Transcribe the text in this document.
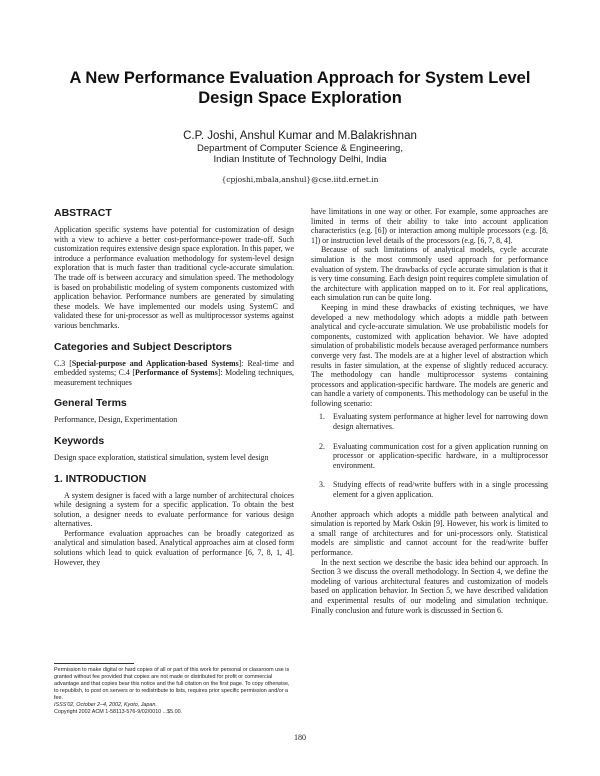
A New Performance Evaluation Approach for System Level Design Space Exploration
C.P. Joshi, Anshul Kumar and M.Balakrishnan
Department of Computer Science & Engineering,
Indian Institute of Technology Delhi, India
{cpjoshi,mbala,anshul}@cse.iitd.ernet.in
ABSTRACT

Application specific systems have potential for customization of design with a view to achieve a better cost-performance-power trade-off. Such customization requires extensive design space exploration. In this paper, we introduce a performance evaluation methodology for system-level design exploration that is much faster than traditional cycle-accurate simulation. The trade off is between accuracy and simulation speed. The methodology is based on probabilistic modeling of system components customized with application behavior. Performance numbers are generated by simulating these models. We have implemented our models using SystemC and validated these for uni-processor as well as multiprocessor systems against various benchmarks.

Categories and Subject Descriptors

C.3 [Special-purpose and Application-based Systems]: Real-time and embedded systems; C.4 [Performance of Systems]: Modeling techniques, measurement techniques

General Terms

Performance, Design, Experimentation

Keywords

Design space exploration, statistical simulation, system level design

1. INTRODUCTION

A system designer is faced with a large number of architectural choices while designing a system for a specific application. To obtain the best solution, a designer needs to evaluate performance for various design alternatives.

Performance evaluation approaches can be broadly categorized as analytical and simulation based. Analytical approaches aim at closed form solutions which lead to quick evaluation of performance [6, 7, 8, 1, 4]. However, they

Permission to make digital or hard copies of all or part of this work for personal or classroom use is granted without fee provided that copies are not made or distributed for profit or commercial advantage and that copies bear this notice and the full citation on the first page. To copy otherwise, to republish, to post on servers or to redistribute to lists, requires prior specific permission and/or a fee.
ISSS'02, October 2–4, 2002, Kyoto, Japan.
Copyright 2002 ACM 1-58113-576-9/02/0010 ...$5.00.

have limitations in one way or other. For example, some approaches are limited in terms of their ability to take into account application characteristics (e.g. [6]) or interaction among multiple processors (e.g. [8, 1]) or instruction level details of the processors (e.g. [6, 7, 8, 4].

Because of such limitations of analytical models, cycle accurate simulation is the most commonly used approach for performance evaluation of system. The drawbacks of cycle accurate simulation is that it is very time consuming. Each design point requires complete simulation of the architecture with application mapped on to it. For real applications, each simulation run can be quite long.

Keeping in mind these drawbacks of existing techniques, we have developed a new methodology which adopts a middle path between analytical and cycle-accurate simulation. We use probabilistic models for components, customized with application behavior. We have adopted simulation of probabilistic models because averaged performance numbers converge very fast. The models are at a higher level of abstraction which results in faster simulation, at the expense of slightly reduced accuracy. The methodology can handle multiprocessor systems containing processors and application-specific hardware. The models are generic and can handle a variety of components. This methodology can be useful in the following scenario:

1. Evaluating system performance at higher level for narrowing down design alternatives.
2. Evaluating communication cost for a given application running on processor or application-specific hardware, in a multiprocessor environment.
3. Studying effects of read/write buffers with in a single processing element for a given application.

Another approach which adopts a middle path between analytical and simulation is reported by Mark Oskin [9]. However, his work is limited to a small range of architectures and for uni-processors only. Statistical models are simplistic and cannot account for the read/write buffer performance.

In the next section we describe the basic idea behind our approach. In Section 3 we discuss the overall methodology. In Section 4, we define the modeling of various architectural features and customization of models based on application behavior. In Section 5, we have described validation and experimental results of our modeling and simulation technique. Finally conclusion and future work is discussed in Section 6.

180
